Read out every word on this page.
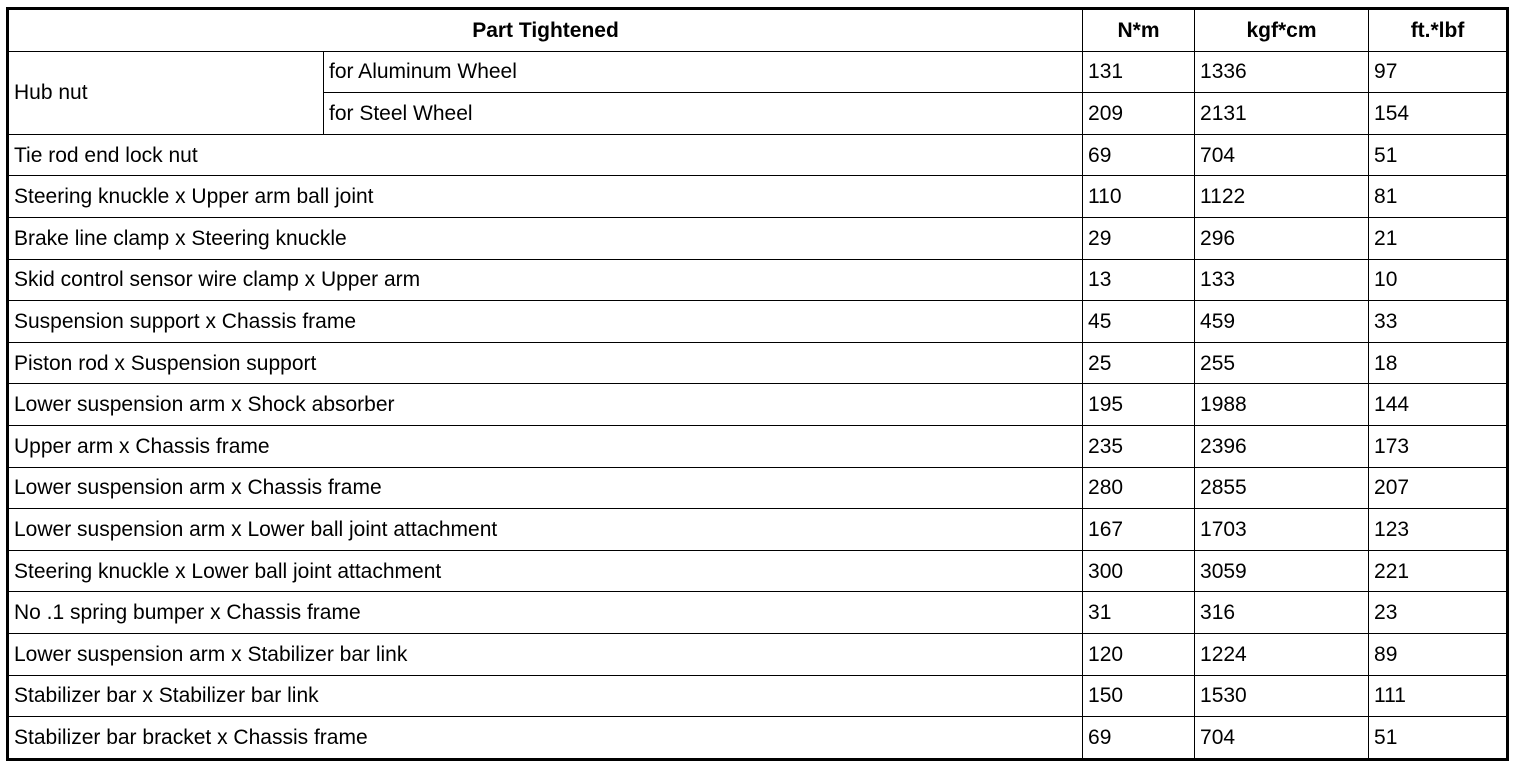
Part Tightened		N*m	kgf*cm	ft.*lbf
Hub nut	for Aluminum Wheel	131	1336	97
	for Steel Wheel	209	2131	154
Tie rod end lock nut		69	704	51
Steering knuckle x Upper arm ball joint		110	1122	81
Brake line clamp x Steering knuckle		29	296	21
Skid control sensor wire clamp x Upper arm		13	133	10
Suspension support x Chassis frame		45	459	33
Piston rod x Suspension support		25	255	18
Lower suspension arm x Shock absorber		195	1988	144
Upper arm x Chassis frame		235	2396	173
Lower suspension arm x Chassis frame		280	2855	207
Lower suspension arm x Lower ball joint attachment		167	1703	123
Steering knuckle x Lower ball joint attachment		300	3059	221
No .1 spring bumper x Chassis frame		31	316	23
Lower suspension arm x Stabilizer bar link		120	1224	89
Stabilizer bar x Stabilizer bar link		150	1530	111
Stabilizer bar bracket x Chassis frame		69	704	51
